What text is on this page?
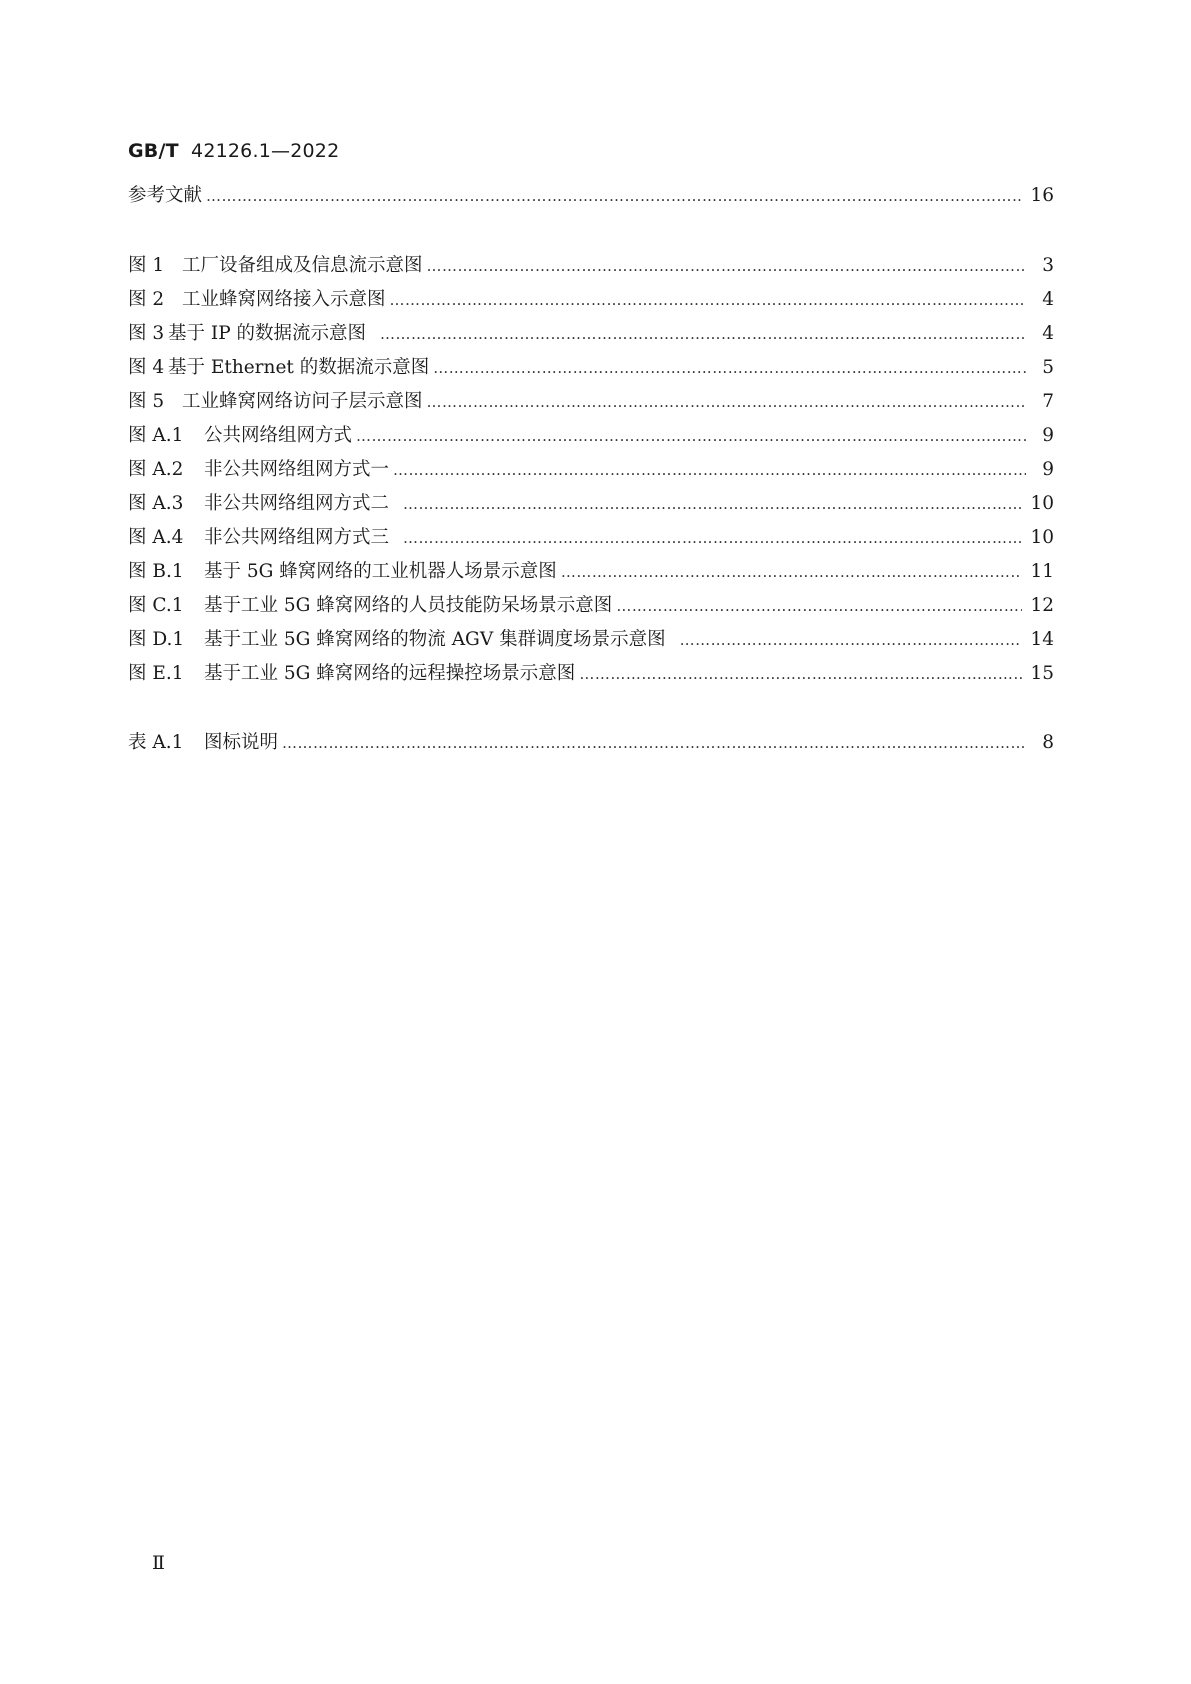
GB/T 42126.1—2022
参考文献 ……………………………………………………………………………………………………………………………………………………………………………………………………………………………………………………	16
图 1 工厂设备组成及信息流示意图 ……………………………………………………………………………………………………………………………………………………………………………………………………………………………………………………	3
图 2 工业蜂窝网络接入示意图 ……………………………………………………………………………………………………………………………………………………………………………………………………………………………………………………	4
图 3 基于 IP 的数据流示意图 ……………………………………………………………………………………………………………………………………………………………………………………………………………………………………………………	4
图 4 基于 Ethernet 的数据流示意图 ……………………………………………………………………………………………………………………………………………………………………………………………………………………………………………………	5
图 5 工业蜂窝网络访问子层示意图 ……………………………………………………………………………………………………………………………………………………………………………………………………………………………………………………	7
图 A.1	公共网络组网方式 ……………………………………………………………………………………………………………………………………………………………………………………………………………………………………………………	9
图 A.2	非公共网络组网方式一 ……………………………………………………………………………………………………………………………………………………………………………………………………………………………………………………	9
图 A.3	非公共网络组网方式二 ……………………………………………………………………………………………………………………………………………………………………………………………………………………………………………………	10
图 A.4	非公共网络组网方式三 ……………………………………………………………………………………………………………………………………………………………………………………………………………………………………………………	10
图 B.1	基于 5G 蜂窝网络的工业机器人场景示意图 ……………………………………………………………………………………………………………………………………………………………………………………………………………………………………………………	11
图 C.1	基于工业 5G 蜂窝网络的人员技能防呆场景示意图 ……………………………………………………………………………………………………………………………………………………………………………………………………………………………………………………	12
图 D.1	基于工业 5G 蜂窝网络的物流 AGV 集群调度场景示意图 ……………………………………………………………………………………………………………………………………………………………………………………………………………………………………………………	14
图 E.1	基于工业 5G 蜂窝网络的远程操控场景示意图 ……………………………………………………………………………………………………………………………………………………………………………………………………………………………………………………	15
表 A.1	图标说明 ……………………………………………………………………………………………………………………………………………………………………………………………………………………………………………………	8
Ⅱ
